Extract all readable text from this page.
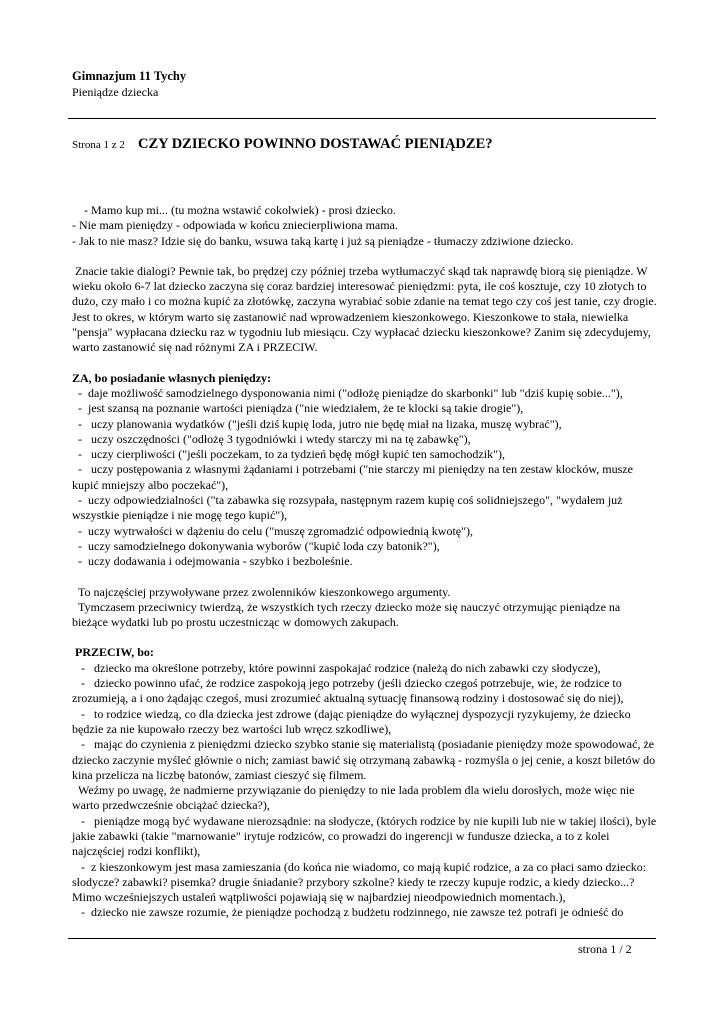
Gimnazjum 11 Tychy
Pieniądze dziecka
Strona 1 z 2 CZY DZIECKO POWINNO DOSTAWAĆ PIENIĄDZE?

- Mamo kup mi... (tu można wstawić cokolwiek) - prosi dziecko.

- Nie mam pieniędzy - odpowiada w końcu zniecierpliwiona mama.

- Jak to nie masz? Idzie się do banku, wsuwa taką kartę i już są pieniądze - tłumaczy zdziwione dziecko.

Znacie takie dialogi? Pewnie tak, bo prędzej czy później trzeba wytłumaczyć skąd tak naprawdę biorą się pieniądze. W wieku około 6-7 lat dziecko zaczyna się coraz bardziej interesować pieniędzmi: pyta, ile coś kosztuje, czy 10 złotych to dużo, czy mało i co można kupić za złotówkę, zaczyna wyrabiać sobie zdanie na temat tego czy coś jest tanie, czy drogie. Jest to okres, w którym warto się zastanowić nad wprowadzeniem kieszonkowego. Kieszonkowe to stała, niewielka "pensja" wypłacana dziecku raz w tygodniu lub miesiącu. Czy wypłacać dziecku kieszonkowe? Zanim się zdecydujemy, warto zastanowić się nad różnymi ZA i PRZECIW.

ZA, bo posiadanie własnych pieniędzy:

-  daje możliwość samodzielnego dysponowania nimi ("odłożę pieniądze do skarbonki" lub "dziś kupię sobie..."),

-  jest szansą na poznanie wartości pieniądza ("nie wiedziałem, że te klocki są takie drogie"),

-   uczy planowania wydatków ("jeśli dziś kupię loda, jutro nie będę miał na lizaka, muszę wybrać"),

-   uczy oszczędności ("odłożę 3 tygodniówki i wtedy starczy mi na tę zabawkę"),

-   uczy cierpliwości ("jeśli poczekam, to za tydzień będę mógł kupić ten samochodzik"),

-   uczy postępowania z własnymi żądaniami i potrzebami ("nie starczy mi pieniędzy na ten zestaw klocków, musze kupić mniejszy albo poczekać"),

-  uczy odpowiedzialności ("ta zabawka się rozsypała, następnym razem kupię coś solidniejszego", "wydałem już wszystkie pieniądze i nie mogę tego kupić"),

-  uczy wytrwałości w dążeniu do celu ("muszę zgromadzić odpowiednią kwotę"),

-  uczy samodzielnego dokonywania wyborów ("kupić loda czy batonik?"),

-  uczy dodawania i odejmowania - szybko i bezboleśnie.

To najczęściej przywoływane przez zwolenników kieszonkowego argumenty.

Tymczasem przeciwnicy twierdzą, że wszystkich tych rzeczy dziecko może się nauczyć otrzymując pieniądze na bieżące wydatki lub po prostu uczestnicząc w domowych zakupach.

PRZECIW, bo:

-   dziecko ma określone potrzeby, które powinni zaspokajać rodzice (należą do nich zabawki czy słodycze),

-   dziecko powinno ufać, że rodzice zaspokoją jego potrzeby (jeśli dziecko czegoś potrzebuje, wie, że rodzice to zrozumieją, a i ono żądając czegoś, musi zrozumieć aktualną sytuację finansową rodziny i dostosować się do niej),

-   to rodzice wiedzą, co dla dziecka jest zdrowe (dając pieniądze do wyłącznej dyspozycji ryzykujemy, że dziecko będzie za nie kupowało rzeczy bez wartości lub wręcz szkodliwe),

-   mając do czynienia z pieniędzmi dziecko szybko stanie się materialistą (posiadanie pieniędzy może spowodować, że dziecko zaczynie myśleć głównie o nich; zamiast bawić się otrzymaną zabawką - rozmyśla o jej cenie, a koszt biletów do kina przelicza na liczbę batonów, zamiast cieszyć się filmem.

Weźmy po uwagę, że nadmierne przywiązanie do pieniędzy to nie lada problem dla wielu dorosłych, może więc nie warto przedwcześnie obciążać dziecka?),

-   pieniądze mogą być wydawane nierozsądnie: na słodycze, (których rodzice by nie kupili lub nie w takiej ilości), byle jakie zabawki (takie "marnowanie" irytuje rodziców, co prowadzi do ingerencji w fundusze dziecka, a to z kolei najczęściej rodzi konflikt),

-  z kieszonkowym jest masa zamieszania (do końca nie wiadomo, co mają kupić rodzice, a za co płaci samo dziecko: słodycze? zabawki? pisemka? drugie śniadanie? przybory szkolne? kiedy te rzeczy kupuje rodzic, a kiedy dziecko...? Mimo wcześniejszych ustaleń wątpliwości pojawiają się w najbardziej nieodpowiednich momentach.),

-  dziecko nie zawsze rozumie, że pieniądze pochodzą z budżetu rodzinnego, nie zawsze też potrafi je odnieść do

strona 1 / 2
